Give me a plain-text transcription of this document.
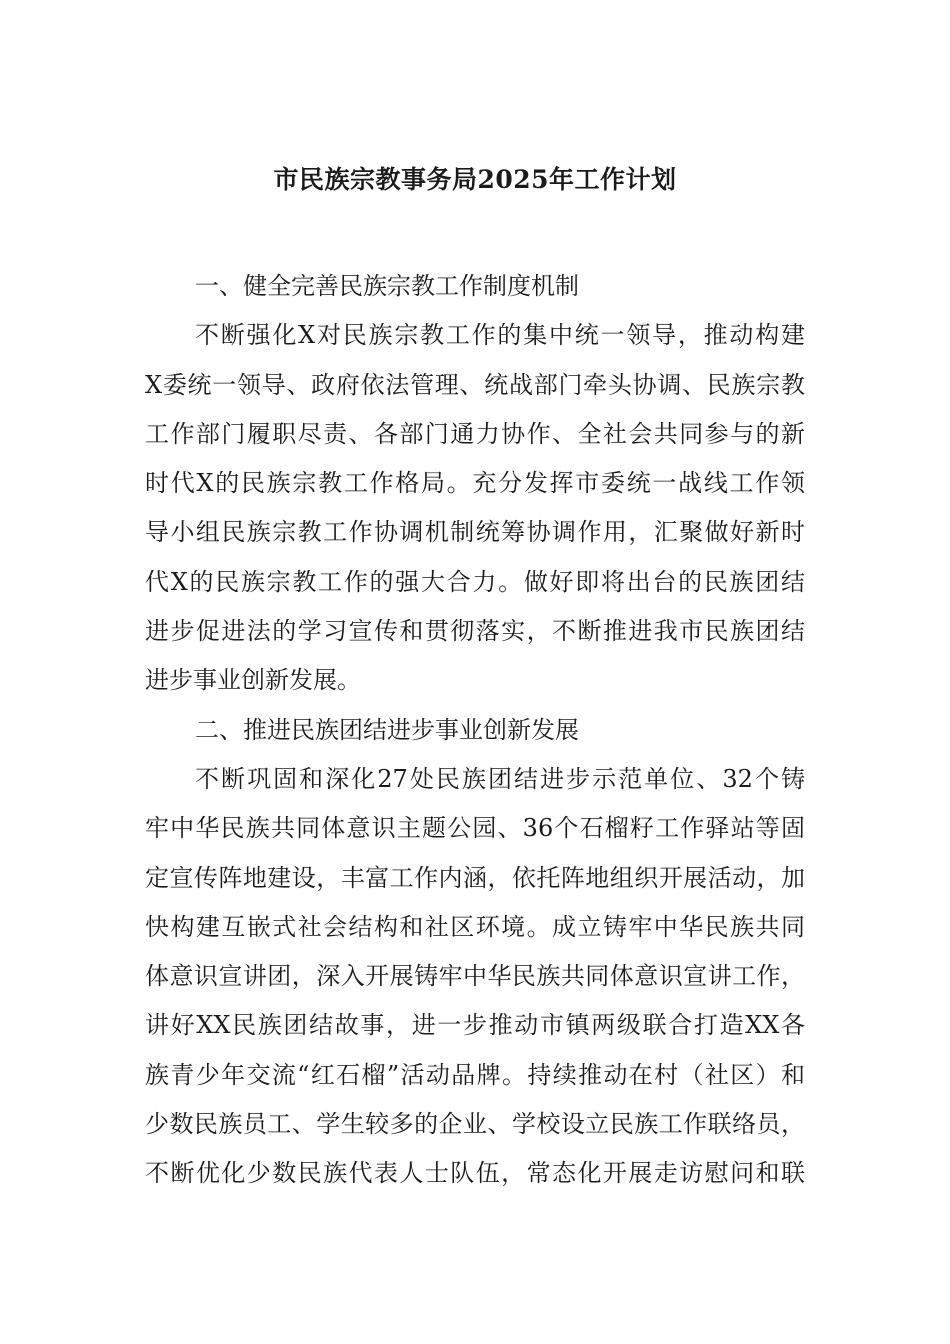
市民族宗教事务局2025年工作计划
一、健全完善民族宗教工作制度机制
不断强化X对民族宗教工作的集中统一领导，推动构建
X委统一领导、政府依法管理、统战部门牵头协调、民族宗教
工作部门履职尽责、各部门通力协作、全社会共同参与的新
时代X的民族宗教工作格局。充分发挥市委统一战线工作领
导小组民族宗教工作协调机制统筹协调作用，汇聚做好新时
代X的民族宗教工作的强大合力。做好即将出台的民族团结
进步促进法的学习宣传和贯彻落实，不断推进我市民族团结
进步事业创新发展。
二、推进民族团结进步事业创新发展
不断巩固和深化27处民族团结进步示范单位、32个铸
牢中华民族共同体意识主题公园、36个石榴籽工作驿站等固
定宣传阵地建设，丰富工作内涵，依托阵地组织开展活动，加
快构建互嵌式社会结构和社区环境。成立铸牢中华民族共同
体意识宣讲团，深入开展铸牢中华民族共同体意识宣讲工作，
讲好XX民族团结故事，进一步推动市镇两级联合打造XX各
族青少年交流“红石榴”活动品牌。持续推动在村（社区）和
少数民族员工、学生较多的企业、学校设立民族工作联络员，
不断优化少数民族代表人士队伍，常态化开展走访慰问和联
